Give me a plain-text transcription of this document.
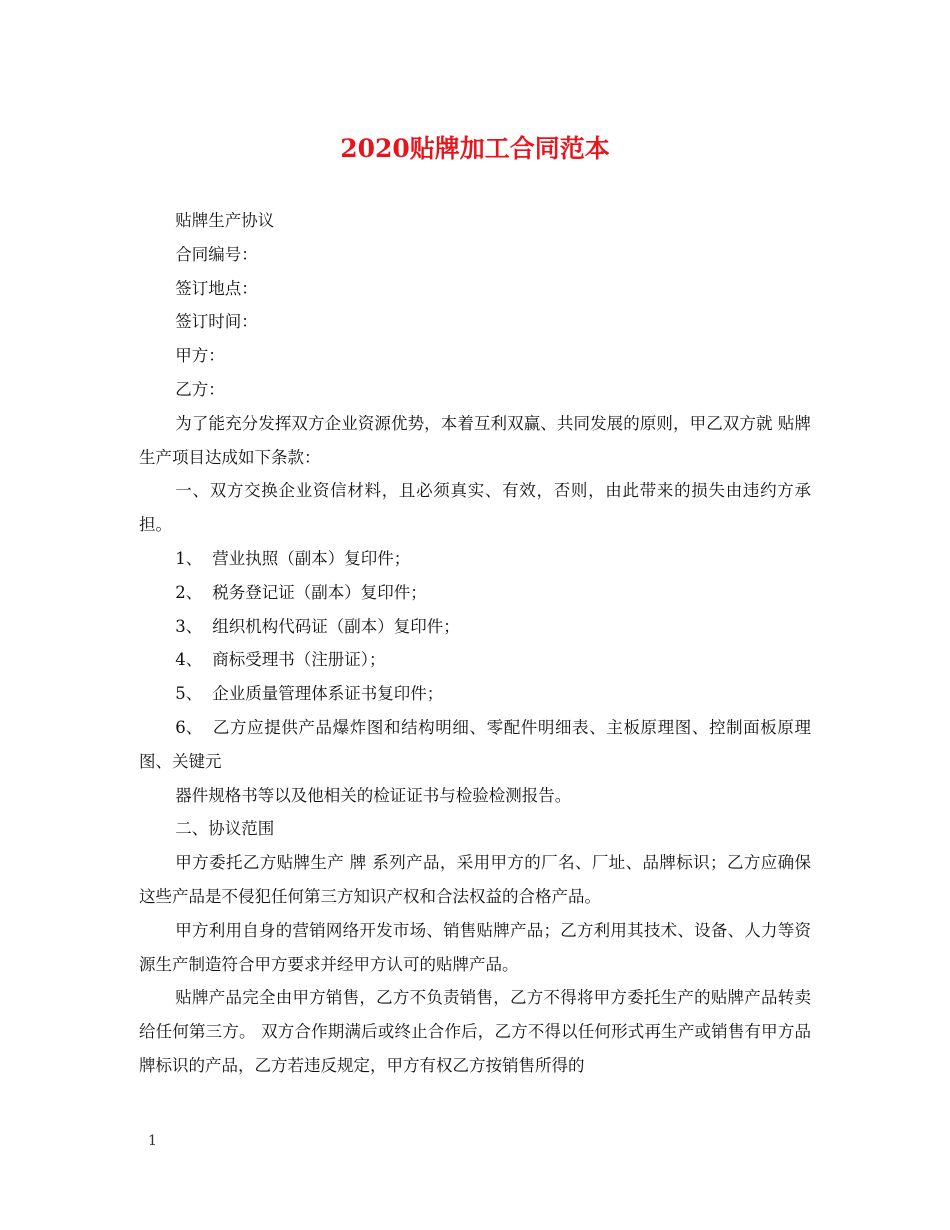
2020贴牌加工合同范本

贴牌生产协议

合同编号：

签订地点：

签订时间：

甲方：

乙方：

为了能充分发挥双方企业资源优势，本着互利双赢、共同发展的原则，甲乙双方就 贴牌生产项目达成如下条款：

一、双方交换企业资信材料，且必须真实、有效，否则，由此带来的损失由违约方承担。

1、 营业执照（副本）复印件；

2、 税务登记证（副本）复印件；

3、 组织机构代码证（副本）复印件；

4、 商标受理书（注册证）；

5、 企业质量管理体系证书复印件；

6、 乙方应提供产品爆炸图和结构明细、零配件明细表、主板原理图、控制面板原理图、关键元

器件规格书等以及他相关的检证证书与检验检测报告。

二、协议范围

甲方委托乙方贴牌生产 牌 系列产品，采用甲方的厂名、厂址、品牌标识；乙方应确保这些产品是不侵犯任何第三方知识产权和合法权益的合格产品。

甲方利用自身的营销网络开发市场、销售贴牌产品；乙方利用其技术、设备、人力等资源生产制造符合甲方要求并经甲方认可的贴牌产品。

贴牌产品完全由甲方销售，乙方不负责销售，乙方不得将甲方委托生产的贴牌产品转卖给任何第三方。 双方合作期满后或终止合作后，乙方不得以任何形式再生产或销售有甲方品牌标识的产品，乙方若违反规定，甲方有权乙方按销售所得的

1
